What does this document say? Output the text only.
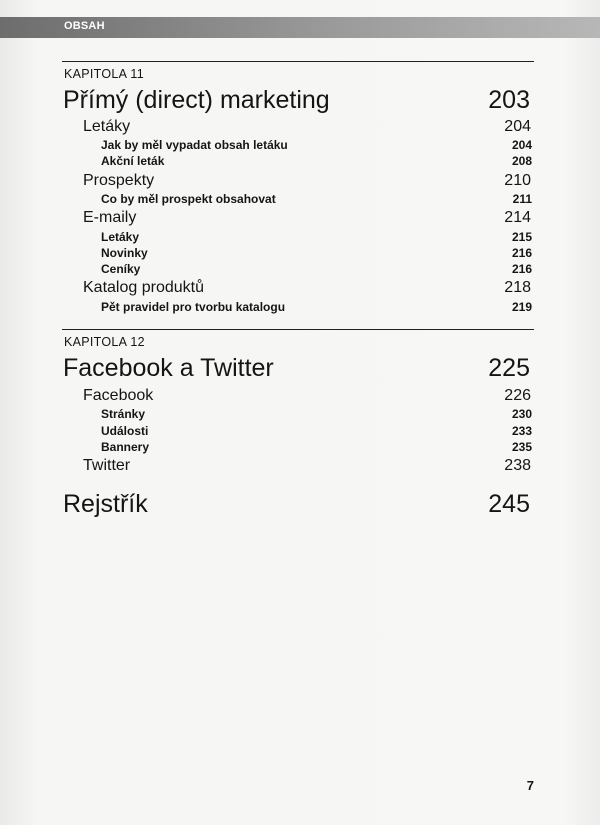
OBSAH
KAPITOLA 11
Přímý (direct) marketing	203
Letáky	204
Jak by měl vypadat obsah letáku	204
Akční leták	208
Prospekty	210
Co by měl prospekt obsahovat	211
E-maily	214
Letáky	215
Novinky	216
Ceníky	216
Katalog produktů	218
Pět pravidel pro tvorbu katalogu	219
KAPITOLA 12
Facebook a Twitter	225
Facebook	226
Stránky	230
Události	233
Bannery	235
Twitter	238
Rejstřík	245
7
